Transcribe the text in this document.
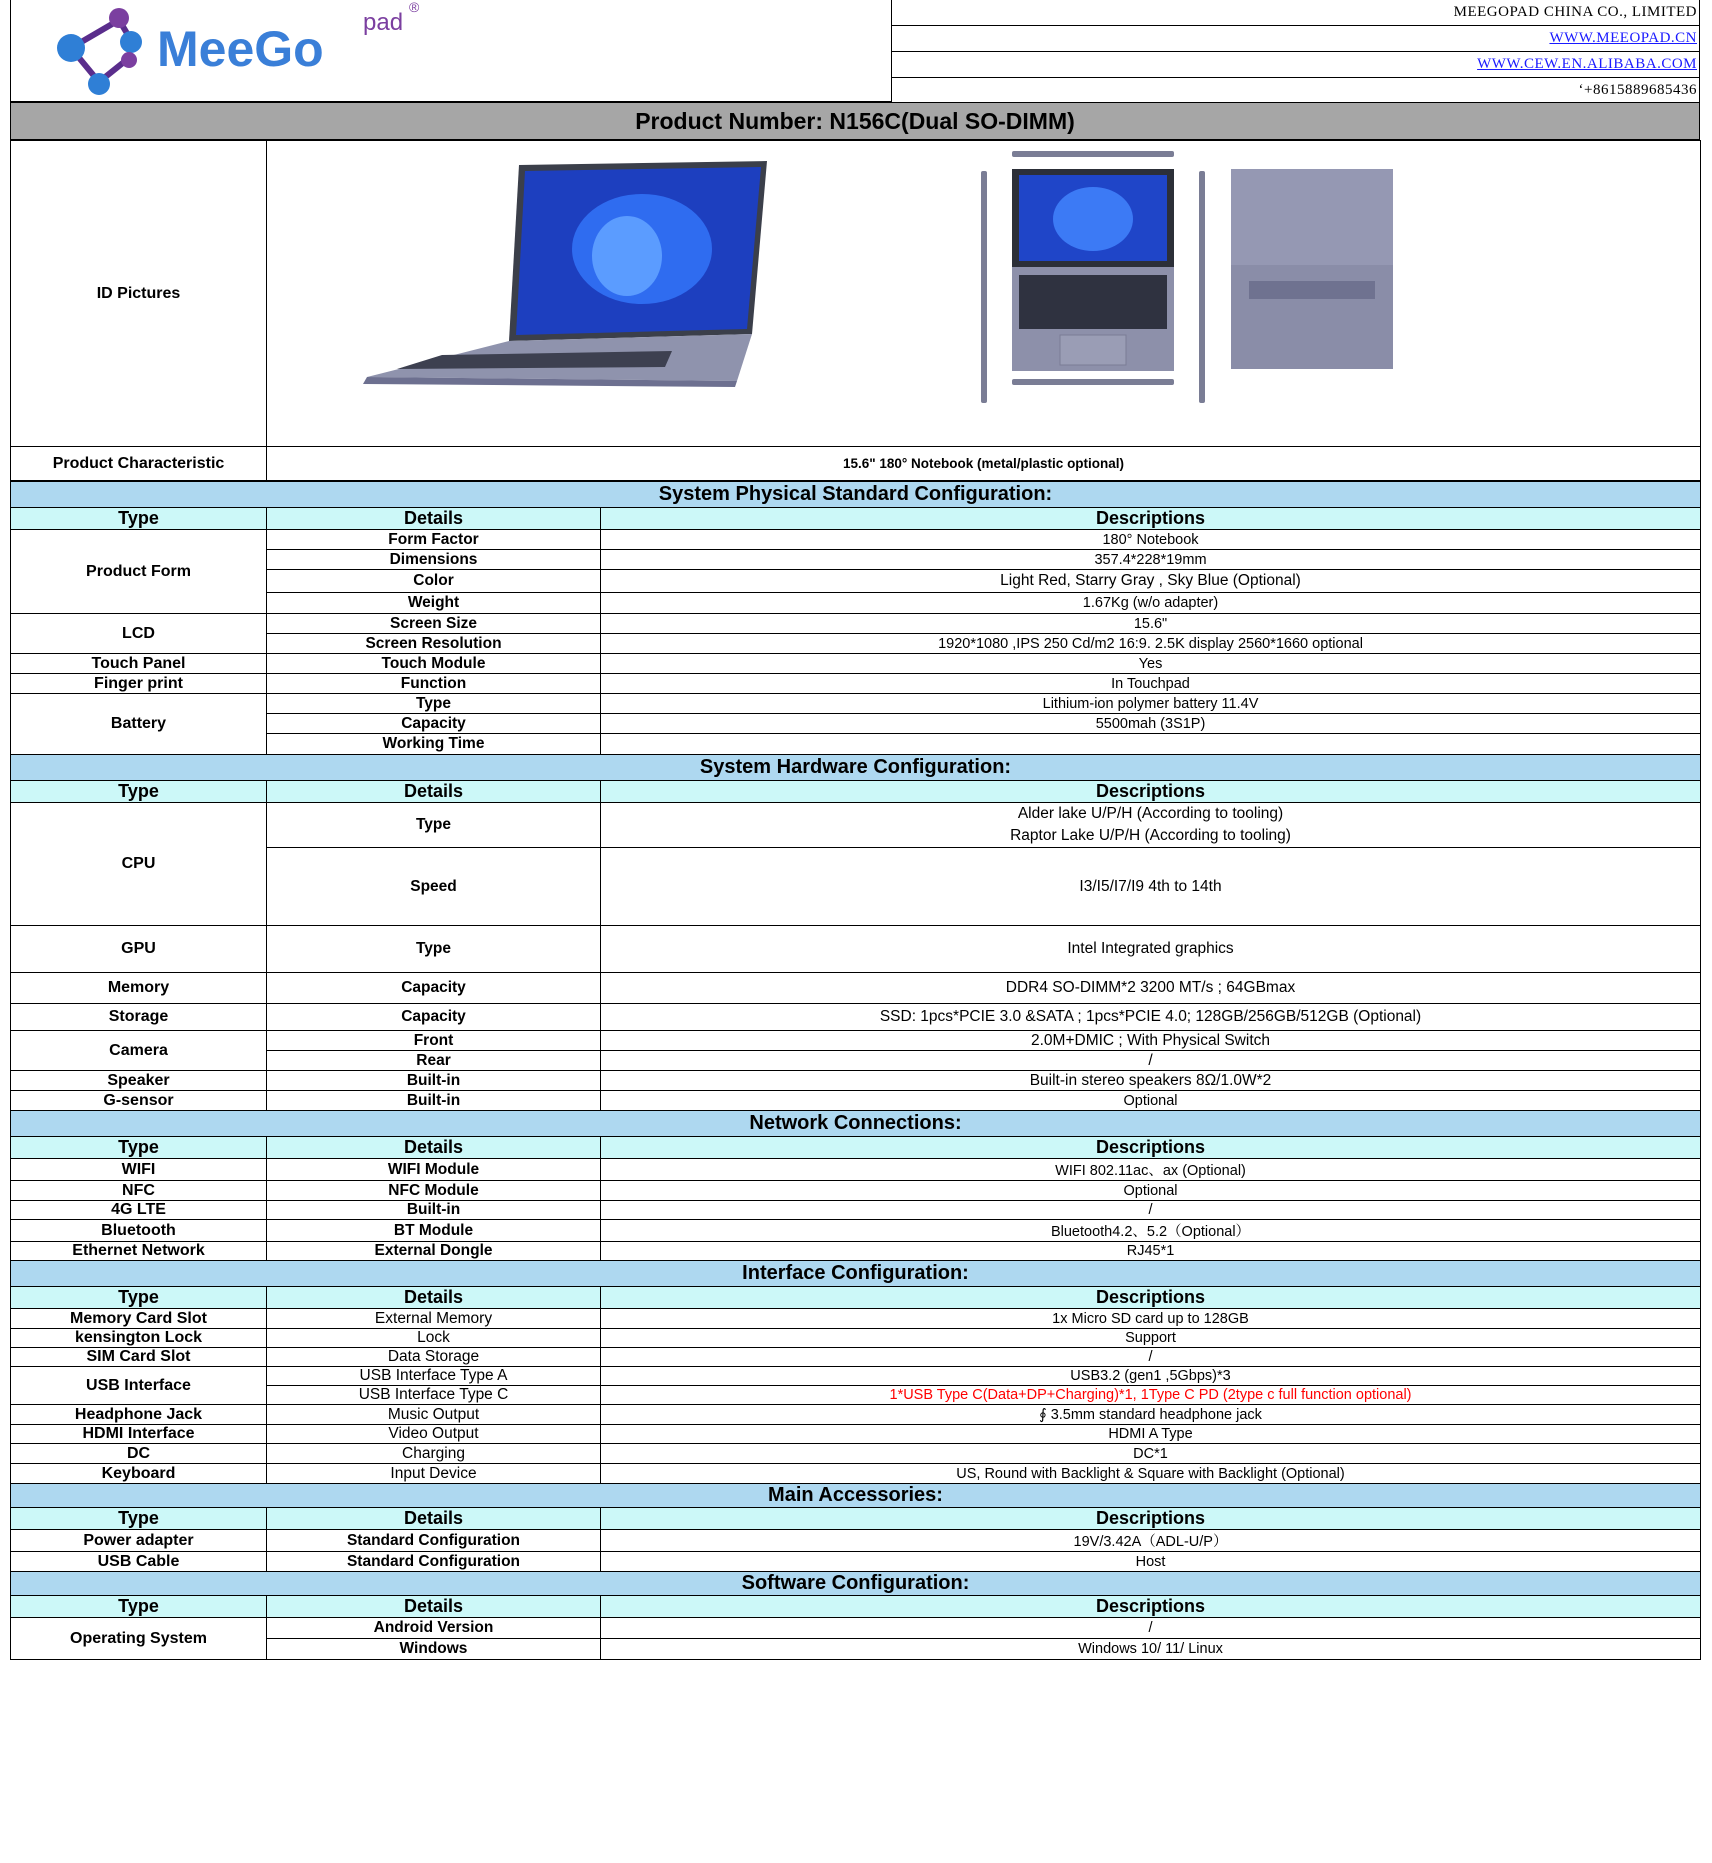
MeeGo pad
®	MEEGOPAD CHINA CO., LIMITED
WWW.MEEOPAD.CN
WWW.CEW.EN.ALIBABA.COM
‘+8615889685436
Product Number: N156C(Dual SO-DIMM)
ID Pictures	

Product Characteristic	15.6" 180° Notebook (metal/plastic optional)
System Physical Standard Configuration:		
Type	Details	Descriptions
Product Form	Form Factor	180° Notebook
	Dimensions	357.4*228*19mm
	Color	Light Red, Starry Gray , Sky Blue (Optional)
	Weight	1.67Kg (w/o adapter)
LCD	Screen Size	15.6"
	Screen Resolution	1920*1080 ,IPS 250 Cd/m2 16:9. 2.5K display 2560*1660 optional
Touch Panel	Touch Module	Yes
Finger print	Function	In Touchpad
Battery	Type	Lithium-ion polymer battery 11.4V
	Capacity	5500mah (3S1P)
	Working Time	
System Hardware Configuration:		
Type	Details	Descriptions
CPU	Type	Alder lake U/P/H (According to tooling)
Raptor Lake U/P/H (According to tooling)

	Speed	I3/I5/I7/I9 4th to 14th
GPU	Type	Intel Integrated graphics
Memory	Capacity	DDR4 SO-DIMM*2 3200 MT/s ; 64GBmax
Storage	Capacity	SSD: 1pcs*PCIE 3.0 &SATA ; 1pcs*PCIE 4.0; 128GB/256GB/512GB (Optional)
Camera	Front	2.0M+DMIC ; With Physical Switch
	Rear	/
Speaker	Built-in	Built-in stereo speakers 8Ω/1.0W*2
G-sensor	Built-in	Optional
Network Connections:		
Type	Details	Descriptions
WIFI	WIFI Module	WIFI 802.11ac、ax (Optional)
NFC	NFC Module	Optional
4G LTE	Built-in	/
Bluetooth	BT Module	Bluetooth4.2、5.2（Optional）
Ethernet Network	External Dongle	RJ45*1
Interface Configuration:		
Type	Details	Descriptions
Memory Card Slot	External Memory	1x Micro SD card up to 128GB
kensington Lock	Lock	Support
SIM Card Slot	Data Storage	/
USB Interface	USB Interface Type A	USB3.2 (gen1 ,5Gbps)*3
	USB Interface Type C	1*USB Type C(Data+DP+Charging)*1, 1Type C PD (2type c full function optional)
Headphone Jack	Music Output	∮ 3.5mm standard headphone jack
HDMI Interface	Video Output	HDMI A Type
DC	Charging	DC*1
Keyboard	Input Device	US, Round with Backlight & Square with Backlight (Optional)
Main Accessories:		
Type	Details	Descriptions
Power adapter	Standard Configuration	19V/3.42A（ADL-U/P）
USB Cable	Standard Configuration	Host
Software Configuration:		
Type	Details	Descriptions
Operating System	Android Version	/
	Windows	Windows 10/ 11/ Linux
